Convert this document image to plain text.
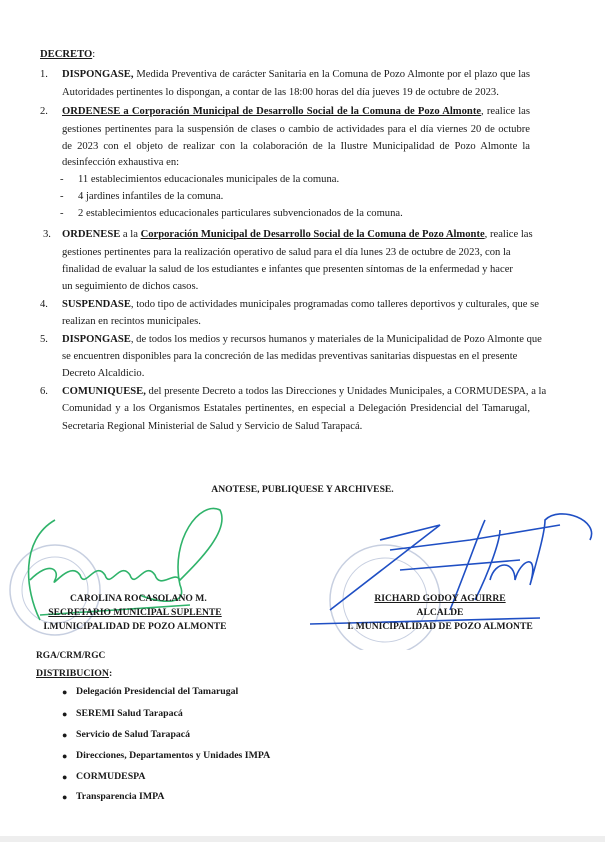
DECRETO:
1. DISPONGASE, Medida Preventiva de carácter Sanitaria en la Comuna de Pozo Almonte por el plazo que las
Autoridades pertinentes lo dispongan, a contar de las 18:00 horas del día jueves 19 de octubre de 2023.
2. ORDENESE a Corporación Municipal de Desarrollo Social de la Comuna de Pozo Almonte, realice las
gestiones pertinentes para la suspensión de clases o cambio de actividades para el día viernes 20 de octubre
de 2023 con el objeto de realizar con la colaboración de la Ilustre Municipalidad de Pozo Almonte la
desinfección exhaustiva en:
- 11 establecimientos educacionales municipales de la comuna.
- 4 jardines infantiles de la comuna.
- 2 establecimientos educacionales particulares subvencionados de la comuna.
3. ORDENESE a la Corporación Municipal de Desarrollo Social de la Comuna de Pozo Almonte, realice las
gestiones pertinentes para la realización operativo de salud para el día lunes 23 de octubre de 2023, con la
finalidad de evaluar la salud de los estudiantes e infantes que presenten síntomas de la enfermedad y hacer
un seguimiento de dichos casos.
4. SUSPENDASE, todo tipo de actividades municipales programadas como talleres deportivos y culturales, que se
realizan en recintos municipales.
5. DISPONGASE, de todos los medios y recursos humanos y materiales de la Municipalidad de Pozo Almonte que
se encuentren disponibles para la concreción de las medidas preventivas sanitarias dispuestas en el presente
Decreto Alcaldicio.
6. COMUNIQUESE, del presente Decreto a todos las Direcciones y Unidades Municipales, a CORMUDESPA, a la
Comunidad y a los Organismos Estatales pertinentes, en especial a Delegación Presidencial del Tamarugal,
Secretaria Regional Ministerial de Salud y Servicio de Salud Tarapacá.
ANOTESE, PUBLIQUESE Y ARCHIVESE.
CAROLINA ROCASOLANO M.
SECRETARIO MUNICIPAL SUPLENTE
I.MUNICIPALIDAD DE POZO ALMONTE
RICHARD GODOY AGUIRRE
ALCALDE
I. MUNICIPALIDAD DE POZO ALMONTE
RGA/CRM/RGC
DISTRIBUCION:
● Delegación Presidencial del Tamarugal
● SEREMI Salud Tarapacá
● Servicio de Salud Tarapacá
● Direcciones, Departamentos y Unidades IMPA
● CORMUDESPA
● Transparencia IMPA
